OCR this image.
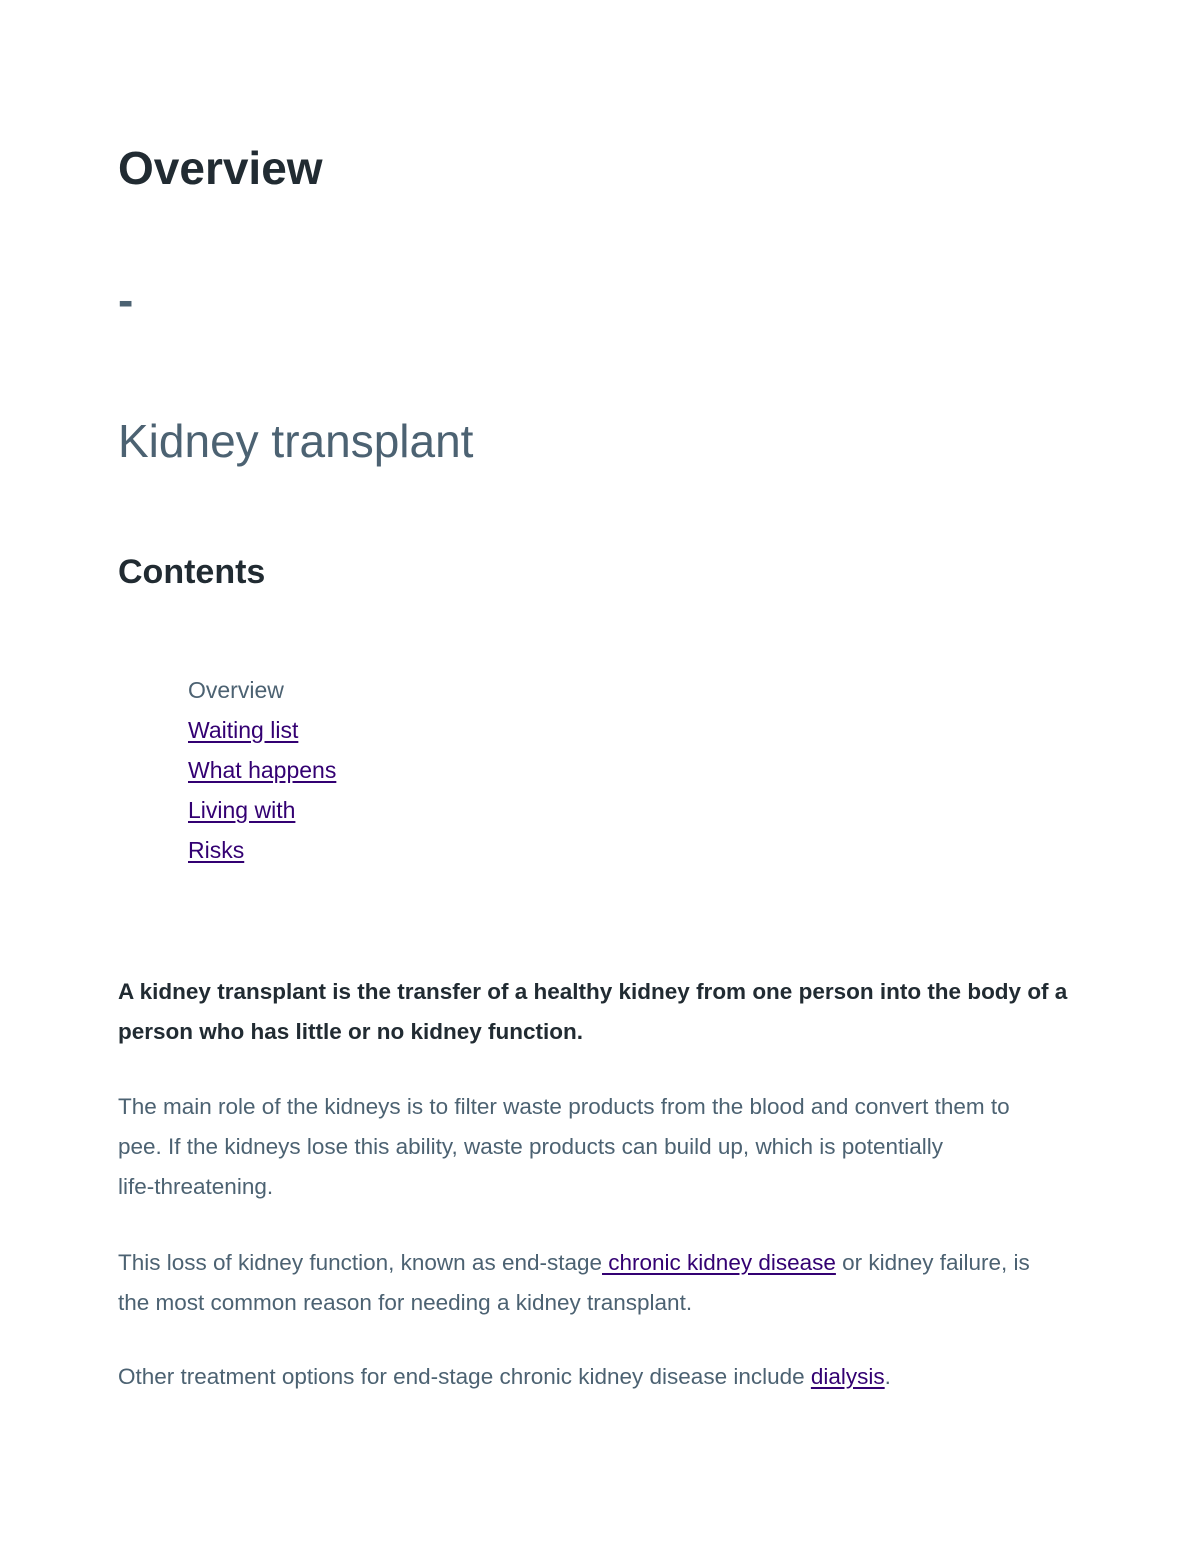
Overview
-
Kidney transplant
Contents
Overview
Waiting list
What happens
Living with
Risks

A kidney transplant is the transfer of a healthy kidney from one person into the body of a person who has little or no kidney function.

The main role of the kidneys is to filter waste products from the blood and convert them to
pee. If the kidneys lose this ability, waste products can build up, which is potentially
life-threatening.

This loss of kidney function, known as end-stage chronic kidney disease or kidney failure, is
the most common reason for needing a kidney transplant.

Other treatment options for end-stage chronic kidney disease include dialysis.
